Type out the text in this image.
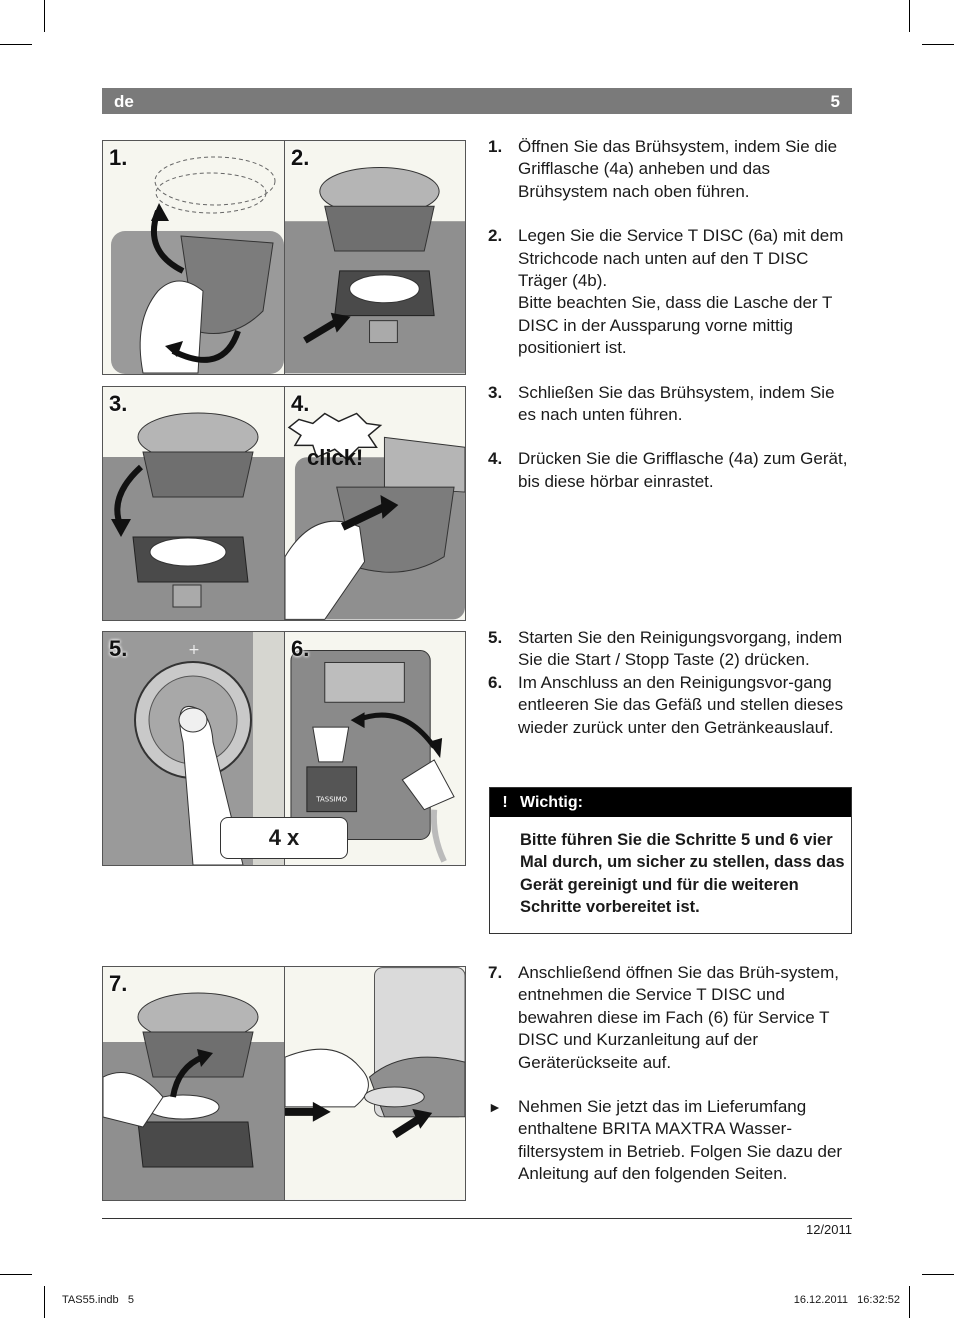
de	5
1.	2.
3.	4.
click!
+
5.
TASSIMO
6.
4 x
7.
1. Öffnen Sie das Brühsystem, indem Sie die Grifflasche (4a) anheben und das Brühsystem nach oben führen.

2. Legen Sie die Service T DISC (6a) mit dem Strichcode nach unten auf den T DISC Träger (4b).

Bitte beachten Sie, dass die Lasche der T DISC in der Aussparung vorne mittig positioniert ist.

3. Schließen Sie das Brühsystem, indem Sie es nach unten führen.

4. Drücken Sie die Grifflasche (4a) zum Gerät, bis diese hörbar einrastet.

5. Starten Sie den Reinigungsvorgang, indem Sie die Start / Stopp Taste (2) drücken.

6. Im Anschluss an den Reinigungsvor-gang entleeren Sie das Gefäß und stellen dieses wieder zurück unter den Getränkeauslauf.

! Wichtig:
Bitte führen Sie die Schritte 5 und 6 vier Mal durch, um sicher zu stellen, dass das Gerät gereinigt und für die weiteren Schritte vorbereitet ist.
7. Anschließend öffnen Sie das Brüh-system, entnehmen die Service T DISC und bewahren diese im Fach (6) für Service T DISC und Kurzanleitung auf der Geräterückseite auf.

► Nehmen Sie jetzt das im Lieferumfang enthaltene BRITA MAXTRA Wasser-filtersystem in Betrieb. Folgen Sie dazu der Anleitung auf den folgenden Seiten.

12/2011
TAS55.indb   5	16.12.2011   16:32:52
